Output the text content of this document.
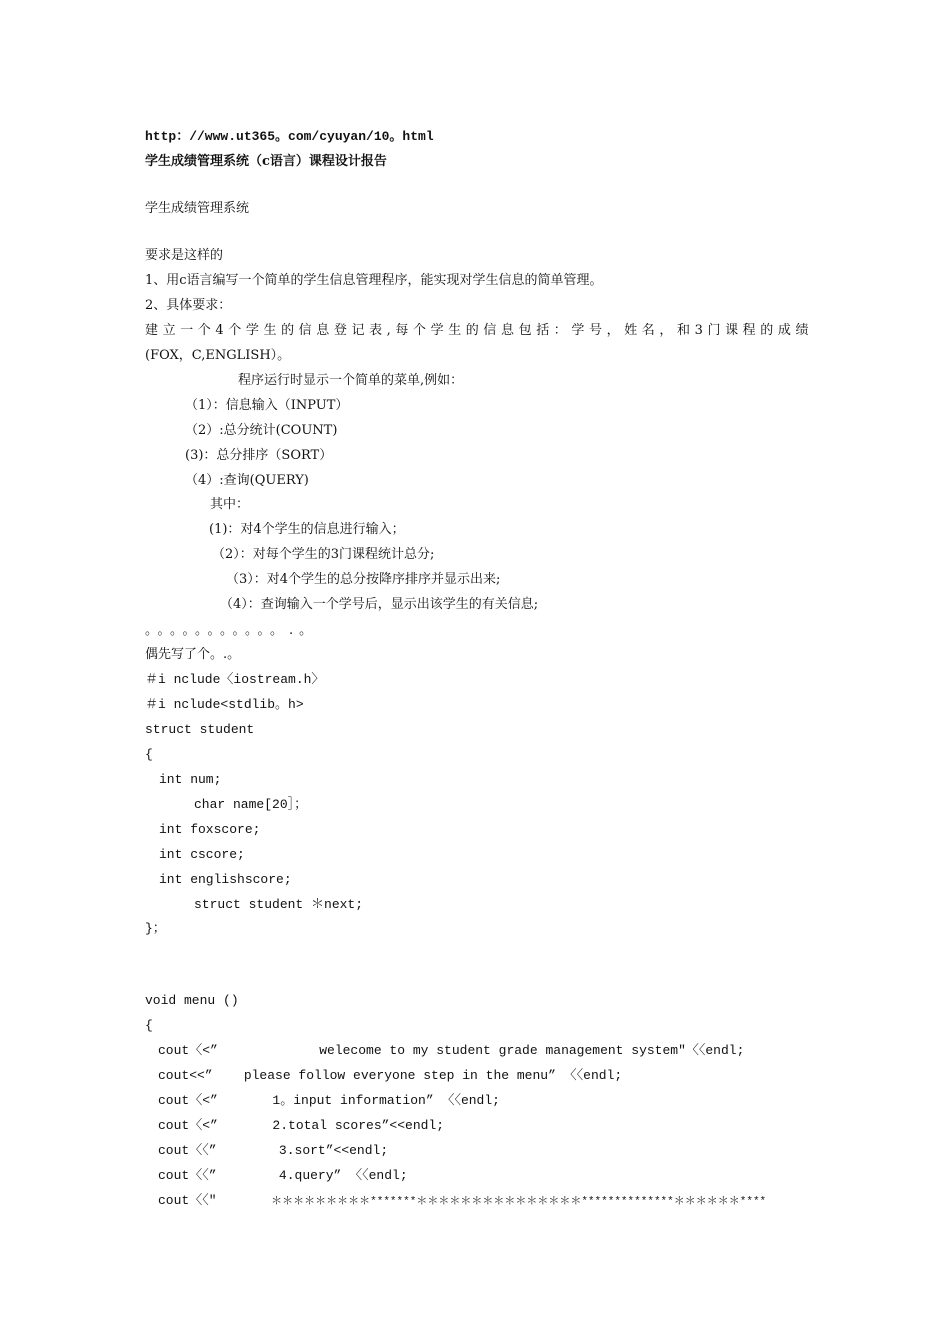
http：//www.ut365。com/cyuyan/10。html
学生成绩管理系统（c语言）课程设计报告
学生成绩管理系统
要求是这样的
1、用c语言编写一个简单的学生信息管理程序，能实现对学生信息的简单管理。
2、具体要求：
建立一个4个学生的信息登记表,每个学生的信息包括：学号，姓名，和3门课程的成绩
(FOX，C,ENGLISH）。
程序运行时显示一个简单的菜单,例如：
（1）：信息输入（INPUT）
（2）:总分统计(COUNT)
(3)：总分排序（SORT）
（4）:查询(QUERY)
其中：
(1)：对4个学生的信息进行输入；
（2）：对每个学生的3门课程统计总分;
（3）：对4个学生的总分按降序排序并显示出来;
（4）：查询输入一个学号后，显示出该学生的有关信息;
。。。。。。。。。。。.。
偶先写了个。.。
＃i nclude〈iostream.h〉
＃i nclude<stdlib。h>
struct student
{
int num;
char name[20］；
int foxscore;
int cscore;
int englishscore;
struct student ＊next;
}；
void menu ()
{
cout〈<”             welecome to my student grade management system″〈〈endl;
cout<<”    please follow everyone step in the menu” 〈〈endl;
cout〈<”       1。input information” 〈〈endl;
cout〈<”       2.total scores”<<endl;
cout〈〈”        3.sort”<<endl;
cout〈〈”        4.query” 〈〈endl;
cout〈〈″       ＊＊＊＊＊＊＊＊＊*******＊＊＊＊＊＊＊＊＊＊＊＊＊＊＊**************＊＊＊＊＊＊****
